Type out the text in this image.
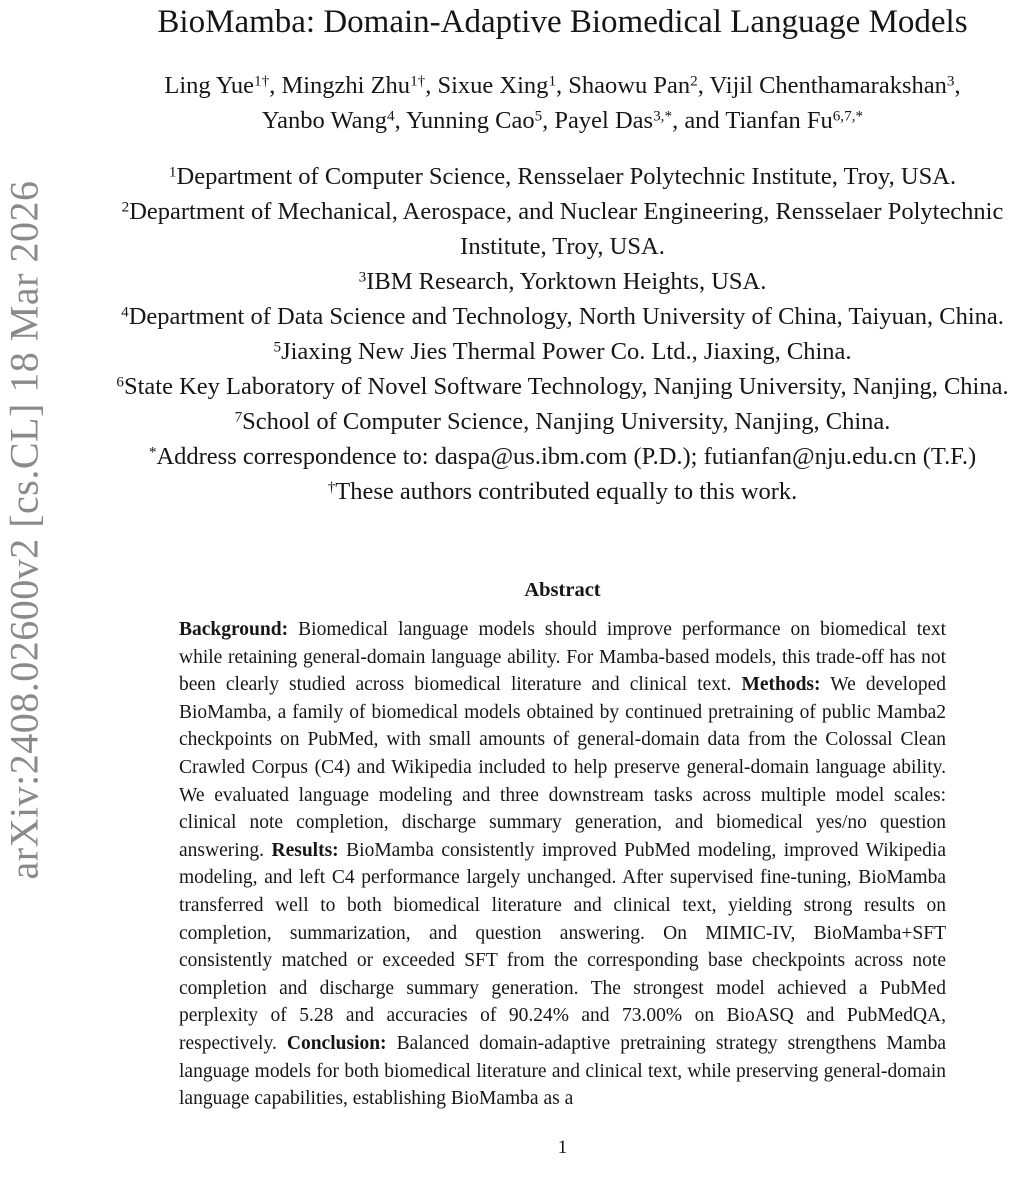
arXiv:2408.02600v2 [cs.CL] 18 Mar 2026
BioMamba: Domain-Adaptive Biomedical Language Models
Ling Yue$^{1\dagger}$, Mingzhi Zhu$^{1\dagger}$, Sixue Xing$^1$, Shaowu Pan$^2$, Vijil Chenthamarakshan$^3$,
Yanbo Wang$^4$, Yunning Cao$^5$, Payel Das$^{3,*}$, and Tianfan $Fu^{6,7,*}$
$^1$Department of Computer Science, Rensselaer Polytechnic Institute, Troy, USA.
$^2$Department of Mechanical, Aerospace, and Nuclear Engineering, Rensselaer Polytechnic Institute, Troy, USA.
$^3$IBM Research, Yorktown Heights, USA.
$^4$Department of Data Science and Technology, North University of China, Taiyuan, China.
$^5$Jiaxing New Jies Thermal Power Co. Ltd., Jiaxing, China.
$^6$State Key Laboratory of Novel Software Technology, Nanjing University, Nanjing, China.
$^7$School of Computer Science, Nanjing University, Nanjing, China.
*Address correspondence to: daspa@us.ibm.com (P.D.); futianfan@nju.edu.cn (T.F.)
†These authors contributed equally to this work.
Abstract

Background: Biomedical language models should improve performance on biomedical text while retaining general-domain language ability. For Mamba-based models, this trade-off has not been clearly studied across biomedical literature and clinical text. Methods: We developed BioMamba, a family of biomedical models obtained by continued pretraining of public Mamba2 checkpoints on PubMed, with small amounts of general-domain data from the Colossal Clean Crawled Corpus (C4) and Wikipedia included to help preserve general-domain language ability. We evaluated language modeling and three downstream tasks across multiple model scales: clinical note completion, discharge summary generation, and biomedical yes/no question answering. Results: BioMamba consistently improved PubMed modeling, improved Wikipedia modeling, and left C4 performance largely unchanged. After supervised fine-tuning, BioMamba transferred well to both biomedical literature and clinical text, yielding strong results on completion, summarization, and question answering. On MIMIC-IV, BioMamba+SFT consistently matched or exceeded SFT from the corresponding base checkpoints across note completion and discharge summary generation. The strongest model achieved a PubMed perplexity of 5.28 and accuracies of 90.24% and 73.00% on BioASQ and PubMedQA, respectively. Conclusion: Balanced domain-adaptive pretraining strategy strengthens Mamba language models for both biomedical literature and clinical text, while preserving general-domain language capabilities, establishing BioMamba as a

1
